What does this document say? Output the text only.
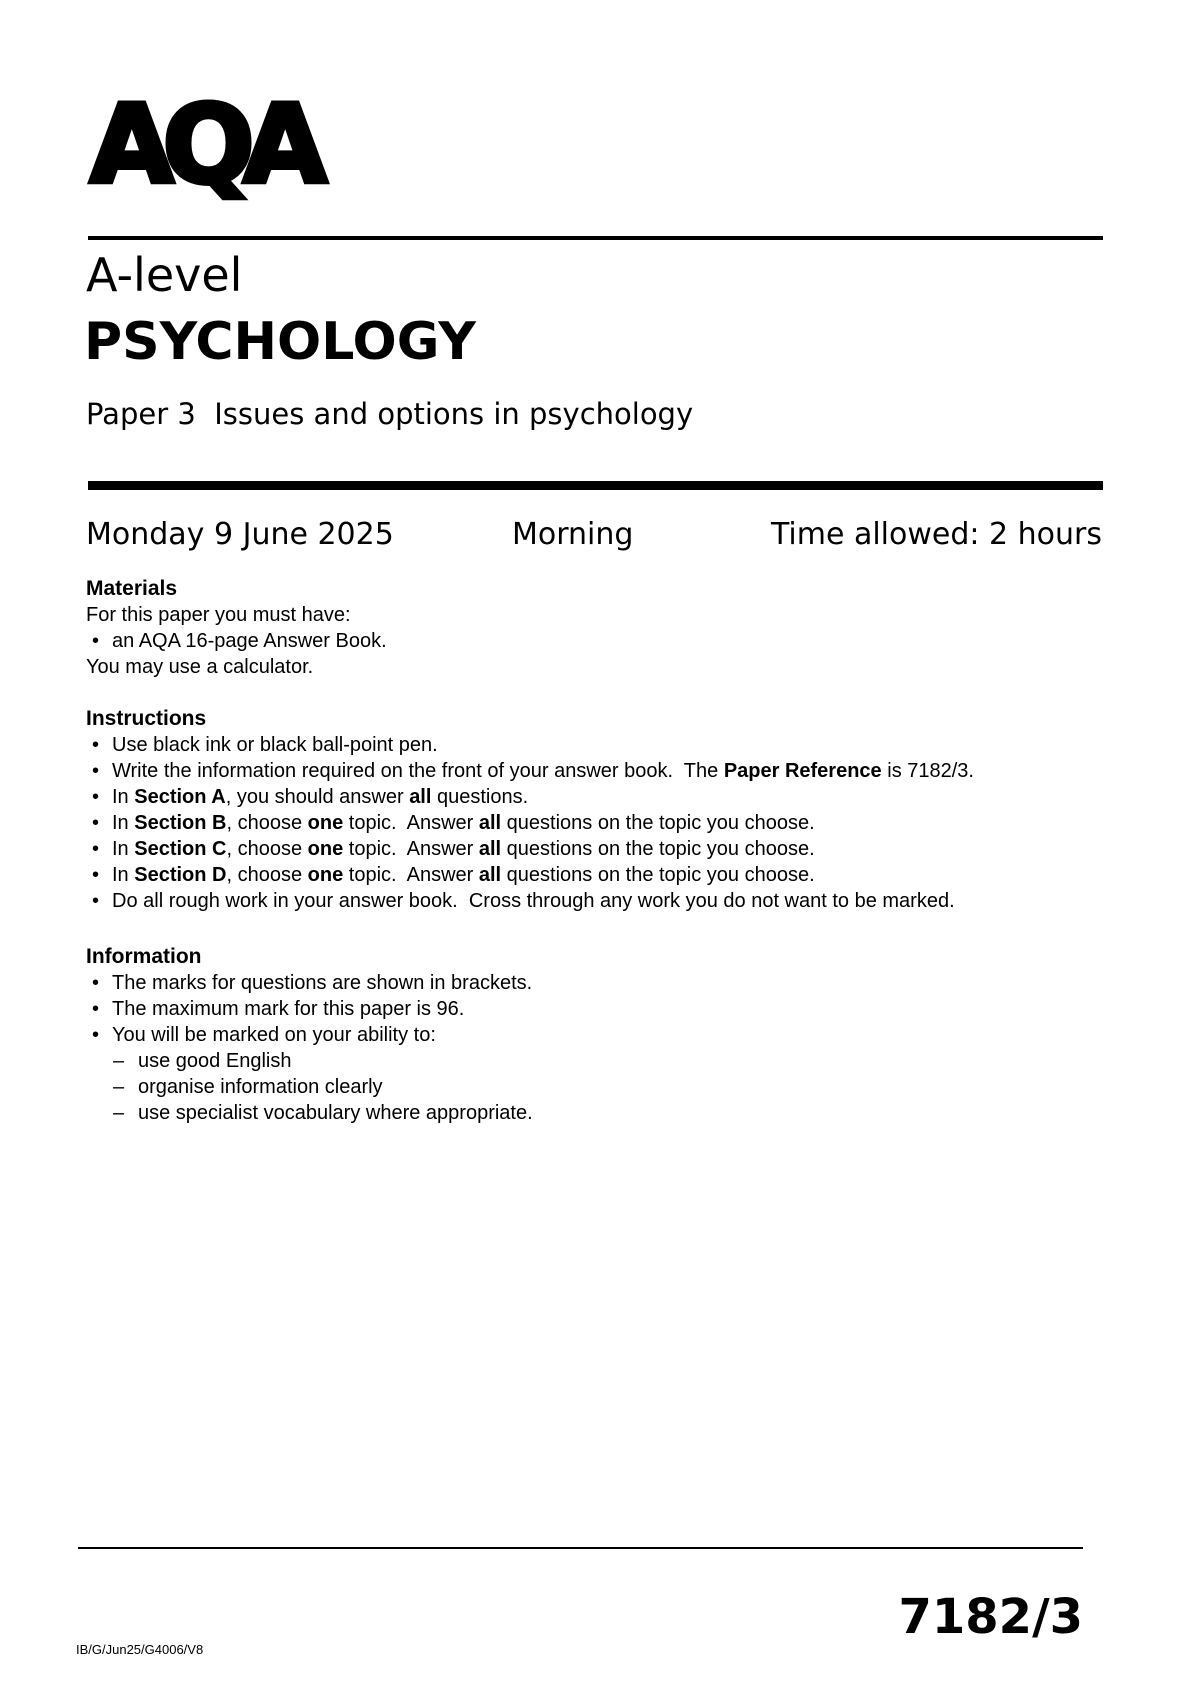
AQA
A-level
PSYCHOLOGY
Paper 3  Issues and options in psychology
Monday 9 June 2025	Morning	Time allowed: 2 hours
Materials
For this paper you must have:
• an AQA 16-page Answer Book.
You may use a calculator.
Instructions
• Use black ink or black ball-point pen.
• Write the information required on the front of your answer book.  The Paper Reference is 7182/3.
• In Section A, you should answer all questions.
• In Section B, choose one topic.  Answer all questions on the topic you choose.
• In Section C, choose one topic.  Answer all questions on the topic you choose.
• In Section D, choose one topic.  Answer all questions on the topic you choose.
• Do all rough work in your answer book.  Cross through any work you do not want to be marked.
Information
• The marks for questions are shown in brackets.
• The maximum mark for this paper is 96.
• You will be marked on your ability to:
– use good English
– organise information clearly
– use specialist vocabulary where appropriate.
7182/3
IB/G/Jun25/G4006/V8
